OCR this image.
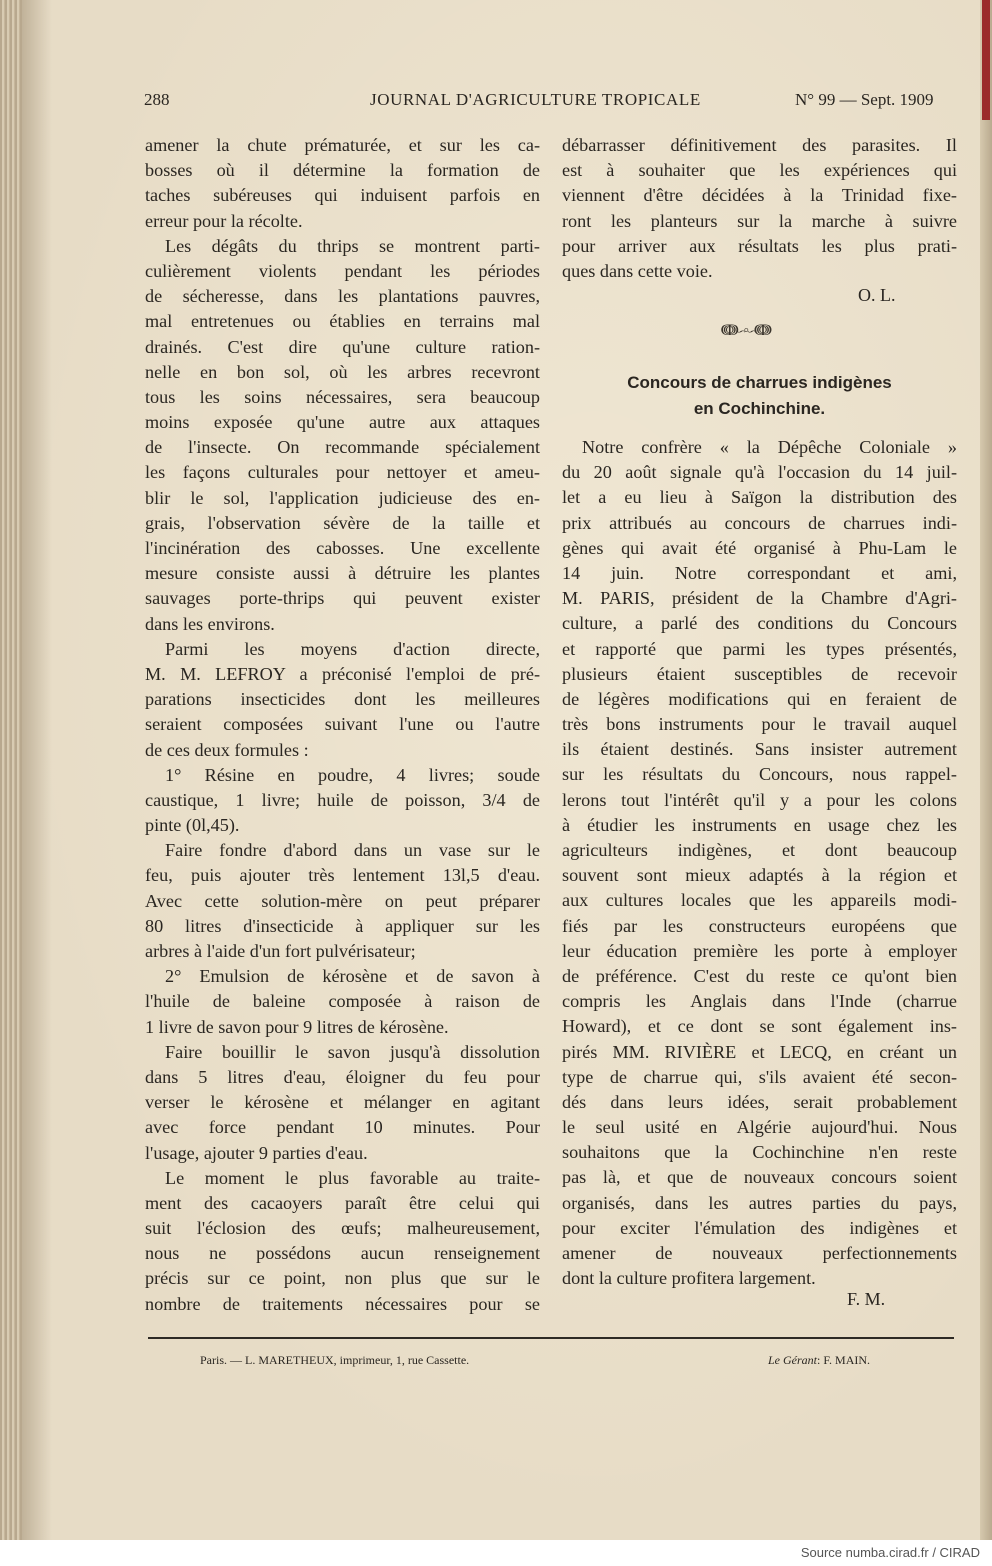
288	JOURNAL D'AGRICULTURE TROPICALE	N° 99 — Sept. 1909
amener la chute prématurée, et sur les ca-
bosses où il détermine la formation de
taches subéreuses qui induisent parfois en
erreur pour la récolte.
Les dégâts du thrips se montrent parti-
culièrement violents pendant les périodes
de sécheresse, dans les plantations pauvres,
mal entretenues ou établies en terrains mal
drainés. C'est dire qu'une culture ration-
nelle en bon sol, où les arbres recevront
tous les soins nécessaires, sera beaucoup
moins exposée qu'une autre aux attaques
de l'insecte. On recommande spécialement
les façons culturales pour nettoyer et ameu-
blir le sol, l'application judicieuse des en-
grais, l'observation sévère de la taille et
l'incinération des cabosses. Une excellente
mesure consiste aussi à détruire les plantes
sauvages porte-thrips qui peuvent exister
dans les environs.
Parmi les moyens d'action directe,
M. M. LEFROY a préconisé l'emploi de pré-
parations insecticides dont les meilleures
seraient composées suivant l'une ou l'autre
de ces deux formules :
1° Résine en poudre, 4 livres; soude
caustique, 1 livre; huile de poisson, 3/4 de
pinte (0l,45).
Faire fondre d'abord dans un vase sur le
feu, puis ajouter très lentement 13l,5 d'eau.
Avec cette solution-mère on peut préparer
80 litres d'insecticide à appliquer sur les
arbres à l'aide d'un fort pulvérisateur;
2° Emulsion de kérosène et de savon à
l'huile de baleine composée à raison de
1 livre de savon pour 9 litres de kérosène.
Faire bouillir le savon jusqu'à dissolution
dans 5 litres d'eau, éloigner du feu pour
verser le kérosène et mélanger en agitant
avec force pendant 10 minutes. Pour
l'usage, ajouter 9 parties d'eau.
Le moment le plus favorable au traite-
ment des cacaoyers paraît être celui qui
suit l'éclosion des œufs; malheureusement,
nous ne possédons aucun renseignement
précis sur ce point, non plus que sur le
nombre de traitements nécessaires pour se
débarrasser définitivement des parasites. Il
est à souhaiter que les expériences qui
viennent d'être décidées à la Trinidad fixe-
ront les planteurs sur la marche à suivre
pour arriver aux résultats les plus prati-
ques dans cette voie.
O. L.
ↈ∽◦∽ↈ
Concours de charrues indigènes
en Cochinchine.
Notre confrère « la Dépêche Coloniale »
du 20 août signale qu'à l'occasion du 14 juil-
let a eu lieu à Saïgon la distribution des
prix attribués au concours de charrues indi-
gènes qui avait été organisé à Phu-Lam le
14 juin. Notre correspondant et ami,
M. PARIS, président de la Chambre d'Agri-
culture, a parlé des conditions du Concours
et rapporté que parmi les types présentés,
plusieurs étaient susceptibles de recevoir
de légères modifications qui en feraient de
très bons instruments pour le travail auquel
ils étaient destinés. Sans insister autrement
sur les résultats du Concours, nous rappel-
lerons tout l'intérêt qu'il y a pour les colons
à étudier les instruments en usage chez les
agriculteurs indigènes, et dont beaucoup
souvent sont mieux adaptés à la région et
aux cultures locales que les appareils modi-
fiés par les constructeurs européens que
leur éducation première les porte à employer
de préférence. C'est du reste ce qu'ont bien
compris les Anglais dans l'Inde (charrue
Howard), et ce dont se sont également ins-
pirés MM. RIVIÈRE et LECQ, en créant un
type de charrue qui, s'ils avaient été secon-
dés dans leurs idées, serait probablement
le seul usité en Algérie aujourd'hui. Nous
souhaitons que la Cochinchine n'en reste
pas là, et que de nouveaux concours soient
organisés, dans les autres parties du pays,
pour exciter l'émulation des indigènes et
amener de nouveaux perfectionnements
dont la culture profitera largement.
F. M.
Paris. — L. MARETHEUX, imprimeur, 1, rue Cassette.	Le Gérant: F. MAIN.
Source numba.cirad.fr / CIRAD
